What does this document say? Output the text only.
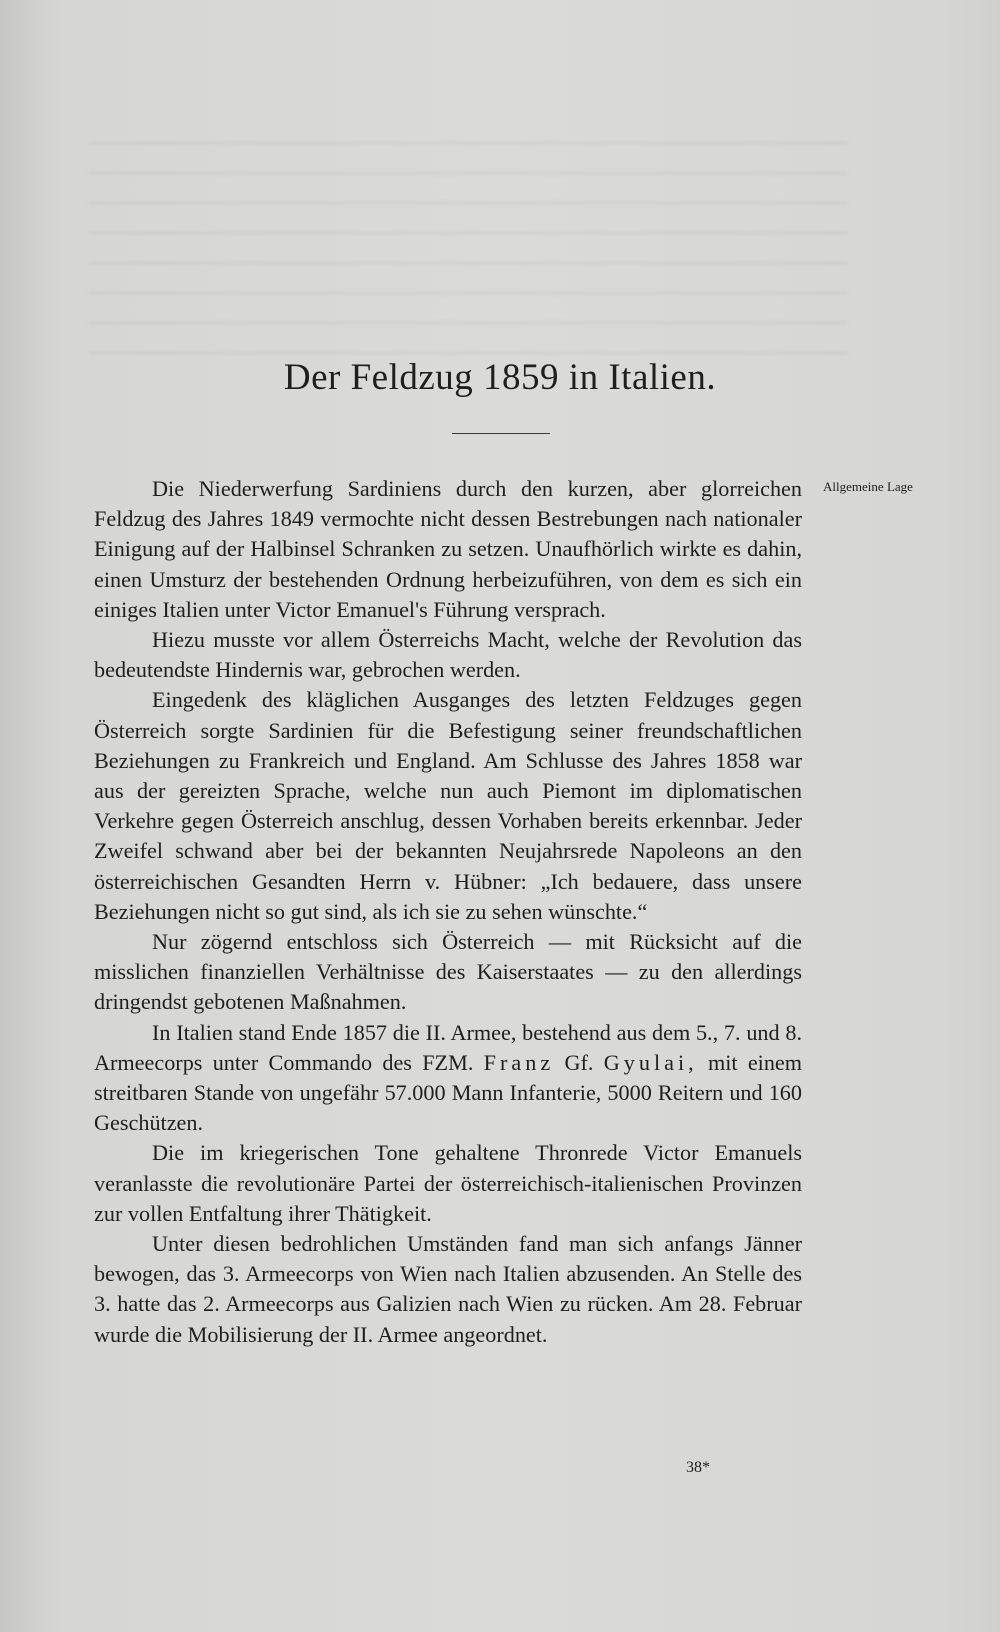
Der Feldzug 1859 in Italien.
Allgemeine Lage

Die Niederwerfung Sardiniens durch den kurzen, aber glorreichen Feldzug des Jahres 1849 vermochte nicht dessen Bestrebungen nach nationaler Einigung auf der Halbinsel Schranken zu setzen. Unaufhörlich wirkte es dahin, einen Umsturz der bestehenden Ordnung herbeizuführen, von dem es sich ein einiges Italien unter Victor Emanuel's Führung versprach.

Hiezu musste vor allem Österreichs Macht, welche der Revolution das bedeutendste Hindernis war, gebrochen werden.

Eingedenk des kläglichen Ausganges des letzten Feldzuges gegen Österreich sorgte Sardinien für die Befestigung seiner freundschaftlichen Beziehungen zu Frankreich und England. Am Schlusse des Jahres 1858 war aus der gereizten Sprache, welche nun auch Piemont im diplomatischen Verkehre gegen Österreich anschlug, dessen Vorhaben bereits erkennbar. Jeder Zweifel schwand aber bei der bekannten Neujahrsrede Napoleons an den österreichischen Gesandten Herrn v. Hübner: „Ich bedauere, dass unsere Beziehungen nicht so gut sind, als ich sie zu sehen wünschte.“

Nur zögernd entschloss sich Österreich — mit Rücksicht auf die misslichen finanziellen Verhältnisse des Kaiserstaates — zu den allerdings dringendst gebotenen Maßnahmen.

In Italien stand Ende 1857 die II. Armee, bestehend aus dem 5., 7. und 8. Armeecorps unter Commando des FZM. Franz Gf. Gyulai, mit einem streitbaren Stande von ungefähr 57.000 Mann Infanterie, 5000 Reitern und 160 Geschützen.

Die im kriegerischen Tone gehaltene Thronrede Victor Emanuels veranlasste die revolutionäre Partei der österreichisch-italienischen Provinzen zur vollen Entfaltung ihrer Thätigkeit.

Unter diesen bedrohlichen Umständen fand man sich anfangs Jänner bewogen, das 3. Armeecorps von Wien nach Italien abzusenden. An Stelle des 3. hatte das 2. Armeecorps aus Galizien nach Wien zu rücken. Am 28. Februar wurde die Mobilisierung der II. Armee angeordnet.

38*
